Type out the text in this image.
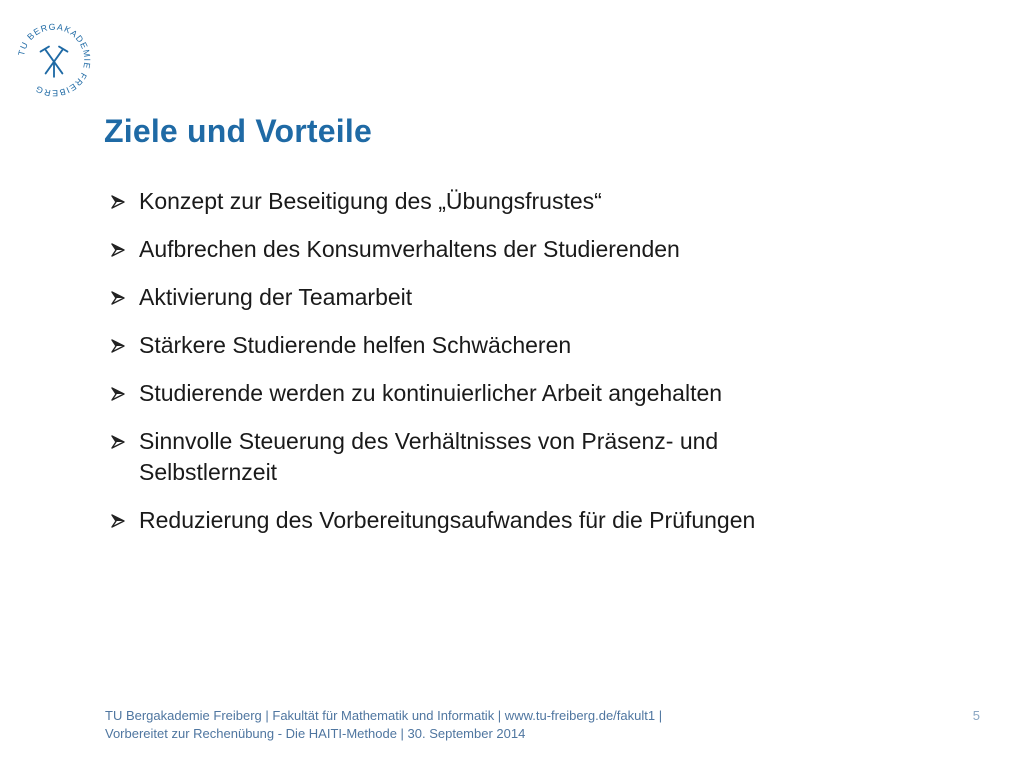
TU BERGAKADEMIE FREIBERG
Ziele und Vorteile
Konzept zur Beseitigung des „Übungsfrustes“
Aufbrechen des Konsumverhaltens der Studierenden
Aktivierung der Teamarbeit
Stärkere Studierende helfen Schwächeren
Studierende werden zu kontinuierlicher Arbeit angehalten
Sinnvolle Steuerung des Verhältnisses von Präsenz- und Selbstlernzeit
Reduzierung des Vorbereitungsaufwandes für die Prüfungen
TU Bergakademie Freiberg | Fakultät für Mathematik und Informatik | www.tu-freiberg.de/fakult1 |
Vorbereitet zur Rechenübung - Die HAITI-Methode | 30. September 2014
5
